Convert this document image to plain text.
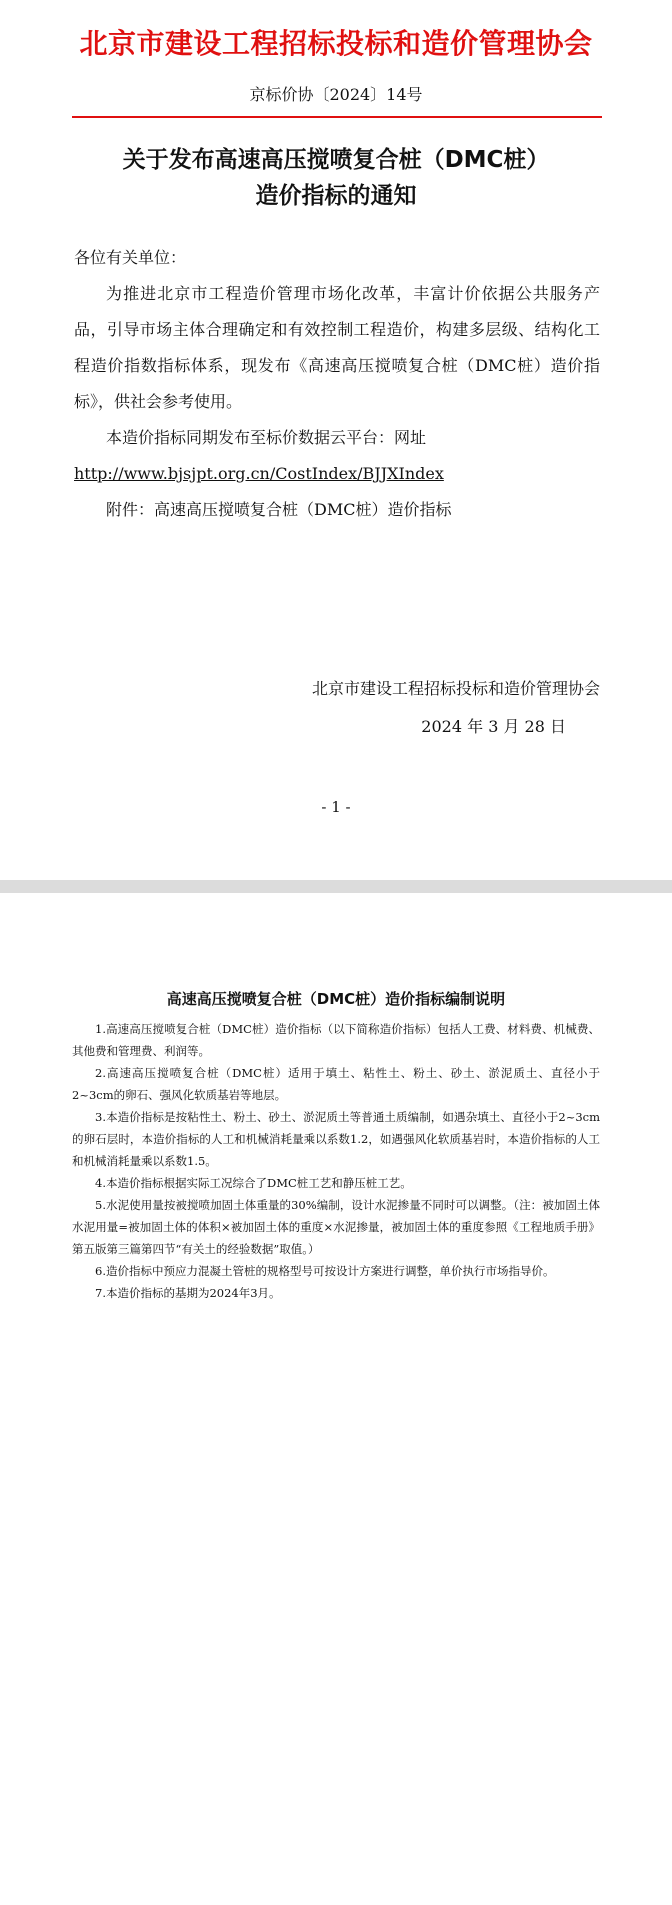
北京市建设工程招标投标和造价管理协会
京标价协〔2024〕14号
关于发布高速高压搅喷复合桩（DMC桩）
造价指标的通知

各位有关单位：

为推进北京市工程造价管理市场化改革，丰富计价依据公共服务产品，引导市场主体合理确定和有效控制工程造价，构建多层级、结构化工程造价指数指标体系，现发布《高速高压搅喷复合桩（DMC桩）造价指标》，供社会参考使用。

本造价指标同期发布至标价数据云平台：网址

http://www.bjsjpt.org.cn/CostIndex/BJJXIndex

附件：高速高压搅喷复合桩（DMC桩）造价指标

北京市建设工程招标投标和造价管理协会
2024 年 3 月 28 日
- 1 -
高速高压搅喷复合桩（DMC桩）造价指标编制说明
1.高速高压搅喷复合桩（DMC桩）造价指标（以下简称造价指标）包括人工费、材料费、机械费、其他费和管理费、利润等。
2.高速高压搅喷复合桩（DMC桩）适用于填土、粘性土、粉土、砂土、淤泥质土、直径小于2~3cm的卵石、强风化软质基岩等地层。
3.本造价指标是按粘性土、粉土、砂土、淤泥质土等普通土质编制，如遇杂填土、直径小于2~3cm的卵石层时，本造价指标的人工和机械消耗量乘以系数1.2，如遇强风化软质基岩时，本造价指标的人工和机械消耗量乘以系数1.5。
4.本造价指标根据实际工况综合了DMC桩工艺和静压桩工艺。
5.水泥使用量按被搅喷加固土体重量的30%编制，设计水泥掺量不同时可以调整。（注：被加固土体水泥用量=被加固土体的体积×被加固土体的重度×水泥掺量，被加固土体的重度参照《工程地质手册》第五版第三篇第四节“有关土的经验数据”取值。）
6.造价指标中预应力混凝土管桩的规格型号可按设计方案进行调整，单价执行市场指导价。
7.本造价指标的基期为2024年3月。
